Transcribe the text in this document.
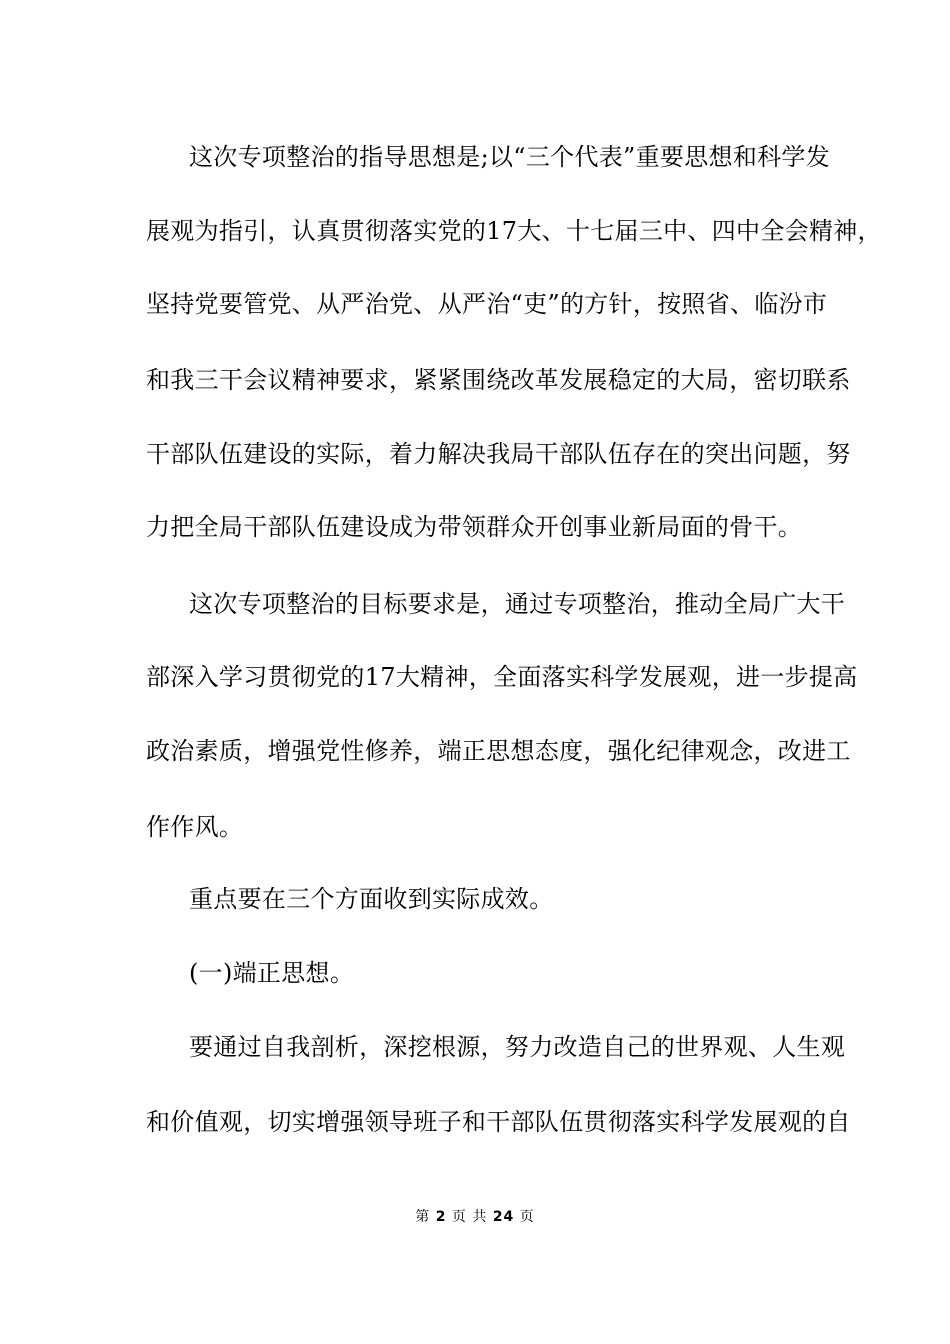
这次专项整治的指导思想是;以“三个代表”重要思想和科学发
展观为指引，认真贯彻落实党的17大、十七届三中、四中全会精神，
坚持党要管党、从严治党、从严治“吏”的方针，按照省、临汾市
和我三干会议精神要求，紧紧围绕改革发展稳定的大局，密切联系
干部队伍建设的实际，着力解决我局干部队伍存在的突出问题，努
力把全局干部队伍建设成为带领群众开创事业新局面的骨干。
这次专项整治的目标要求是，通过专项整治，推动全局广大干
部深入学习贯彻党的17大精神，全面落实科学发展观，进一步提高
政治素质，增强党性修养，端正思想态度，强化纪律观念，改进工
作作风。
重点要在三个方面收到实际成效。
(一)端正思想。
要通过自我剖析，深挖根源，努力改造自己的世界观、人生观
和价值观，切实增强领导班子和干部队伍贯彻落实科学发展观的自
第 2 页 共 24 页
